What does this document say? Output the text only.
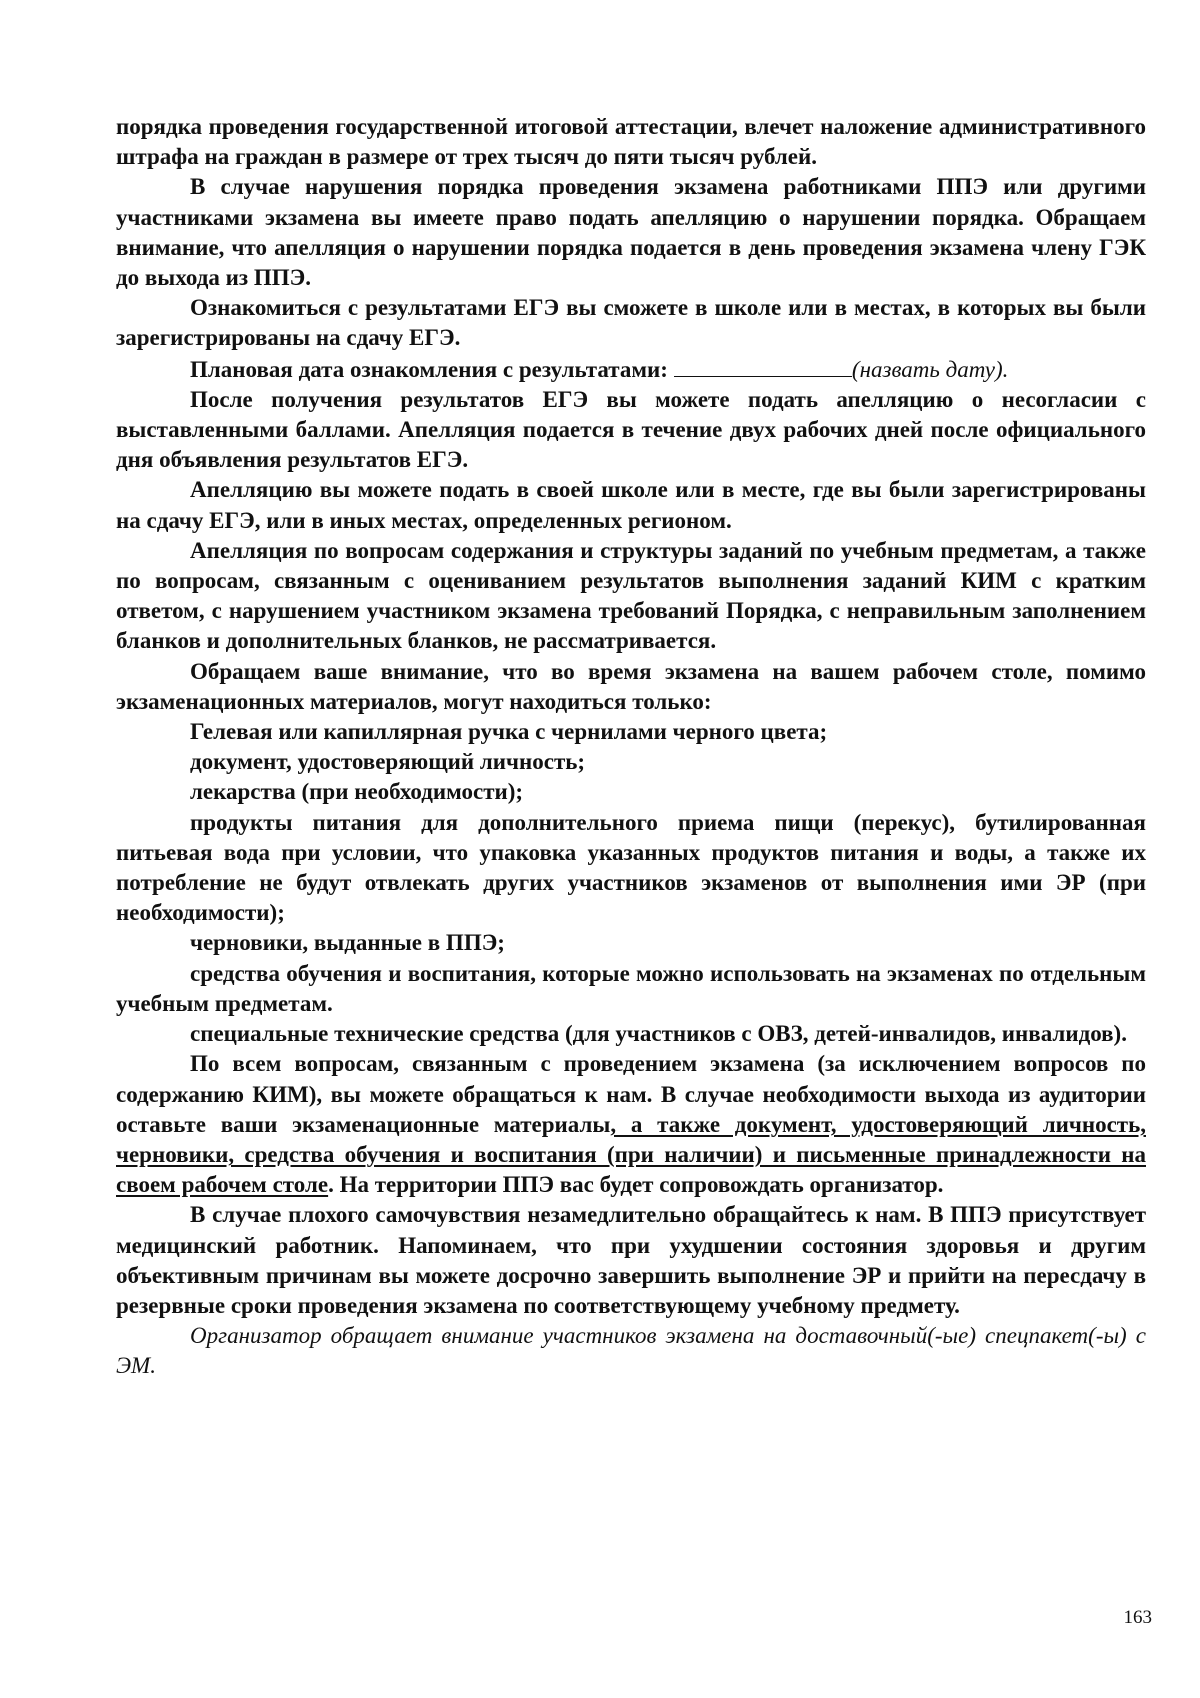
порядка проведения государственной итоговой аттестации, влечет наложение административного штрафа на граждан в размере от трех тысяч до пяти тысяч рублей.

В случае нарушения порядка проведения экзамена работниками ППЭ или другими участниками экзамена вы имеете право подать апелляцию о нарушении порядка. Обращаем внимание, что апелляция о нарушении порядка подается в день проведения экзамена члену ГЭК до выхода из ППЭ.

Ознакомиться с результатами ЕГЭ вы сможете в школе или в местах, в которых вы были зарегистрированы на сдачу ЕГЭ.

Плановая дата ознакомления с результатами:	(назвать дату).

После получения результатов ЕГЭ вы можете подать апелляцию о несогласии с выставленными баллами. Апелляция подается в течение двух рабочих дней после официального дня объявления результатов ЕГЭ.

Апелляцию вы можете подать в своей школе или в месте, где вы были зарегистрированы на сдачу ЕГЭ, или в иных местах, определенных регионом.

Апелляция по вопросам содержания и структуры заданий по учебным предметам, а также по вопросам, связанным с оцениванием результатов выполнения заданий КИМ с кратким ответом, с нарушением участником экзамена требований Порядка, с неправильным заполнением бланков и дополнительных бланков, не рассматривается.

Обращаем ваше внимание, что во время экзамена на вашем рабочем столе, помимо экзаменационных материалов, могут находиться только:

Гелевая или капиллярная ручка с чернилами черного цвета;

документ, удостоверяющий личность;

лекарства (при необходимости);

продукты питания для дополнительного приема пищи (перекус), бутилированная питьевая вода при условии, что упаковка указанных продуктов питания и воды, а также их потребление не будут отвлекать других участников экзаменов от выполнения ими ЭР (при необходимости);

черновики, выданные в ППЭ;

средства обучения и воспитания, которые можно использовать на экзаменах по отдельным учебным предметам.

специальные технические средства (для участников с ОВЗ, детей-инвалидов, инвалидов).

По всем вопросам, связанным с проведением экзамена (за исключением вопросов по содержанию КИМ), вы можете обращаться к нам. В случае необходимости выхода из аудитории оставьте ваши экзаменационные материалы, а также документ, удостоверяющий личность, черновики, средства обучения и воспитания (при наличии) и письменные принадлежности на своем рабочем столе. На территории ППЭ вас будет сопровождать организатор.

В случае плохого самочувствия незамедлительно обращайтесь к нам. В ППЭ присутствует медицинский работник. Напоминаем, что при ухудшении состояния здоровья и другим объективным причинам вы можете досрочно завершить выполнение ЭР и прийти на пересдачу в резервные сроки проведения экзамена по соответствующему учебному предмету.

Организатор обращает внимание участников экзамена на доставочный(-ые) спецпакет(-ы) с ЭМ.

163
